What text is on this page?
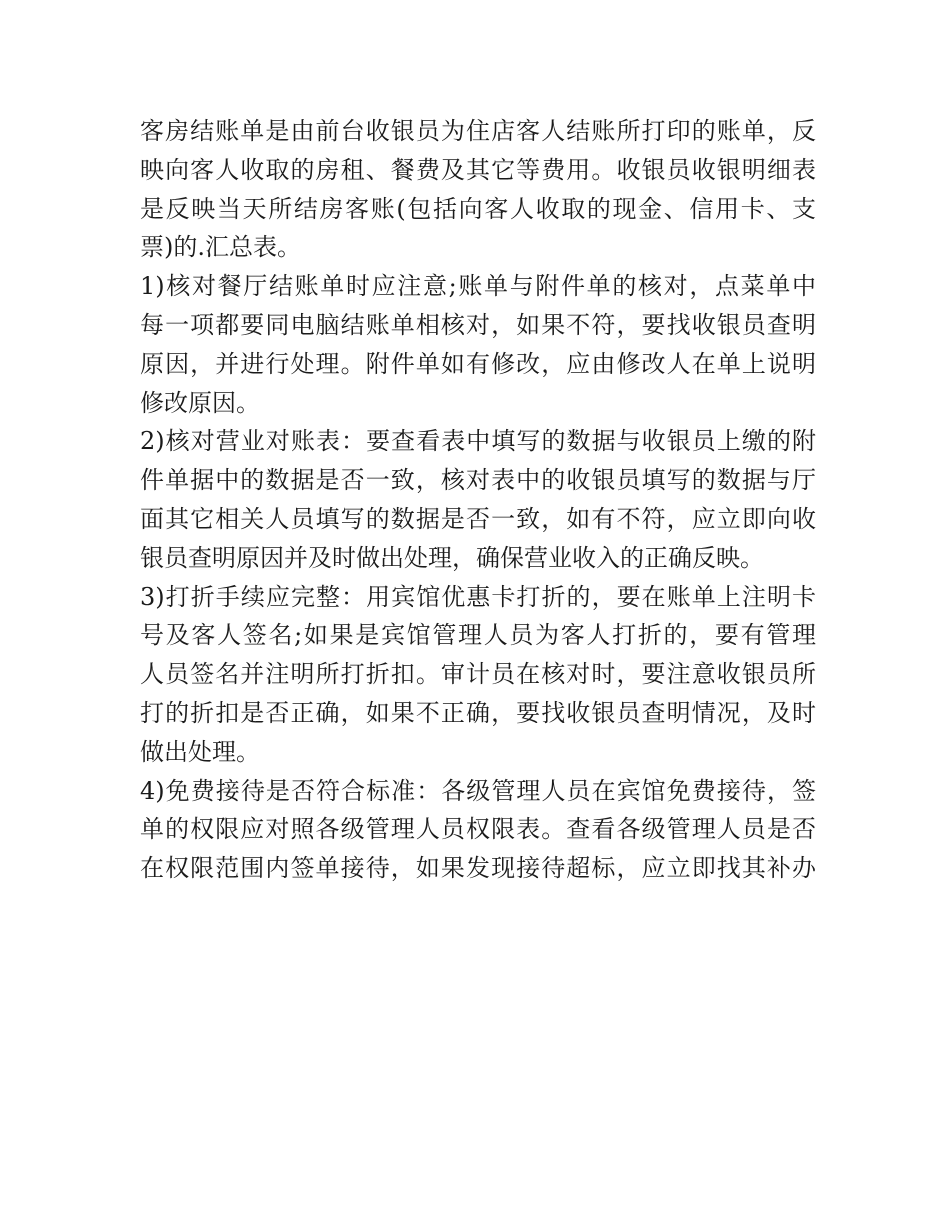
客房结账单是由前台收银员为住店客人结账所打印的账单，反
映向客人收取的房租、餐费及其它等费用。收银员收银明细表
是反映当天所结房客账(包括向客人收取的现金、信用卡、支
票)的.汇总表。
1)核对餐厅结账单时应注意;账单与附件单的核对，点菜单中
每一项都要同电脑结账单相核对，如果不符，要找收银员查明
原因，并进行处理。附件单如有修改，应由修改人在单上说明
修改原因。
2)核对营业对账表：要查看表中填写的数据与收银员上缴的附
件单据中的数据是否一致，核对表中的收银员填写的数据与厅
面其它相关人员填写的数据是否一致，如有不符，应立即向收
银员查明原因并及时做出处理，确保营业收入的正确反映。
3)打折手续应完整：用宾馆优惠卡打折的，要在账单上注明卡
号及客人签名;如果是宾馆管理人员为客人打折的，要有管理
人员签名并注明所打折扣。审计员在核对时，要注意收银员所
打的折扣是否正确，如果不正确，要找收银员查明情况，及时
做出处理。
4)免费接待是否符合标准：各级管理人员在宾馆免费接待，签
单的权限应对照各级管理人员权限表。查看各级管理人员是否
在权限范围内签单接待，如果发现接待超标，应立即找其补办
